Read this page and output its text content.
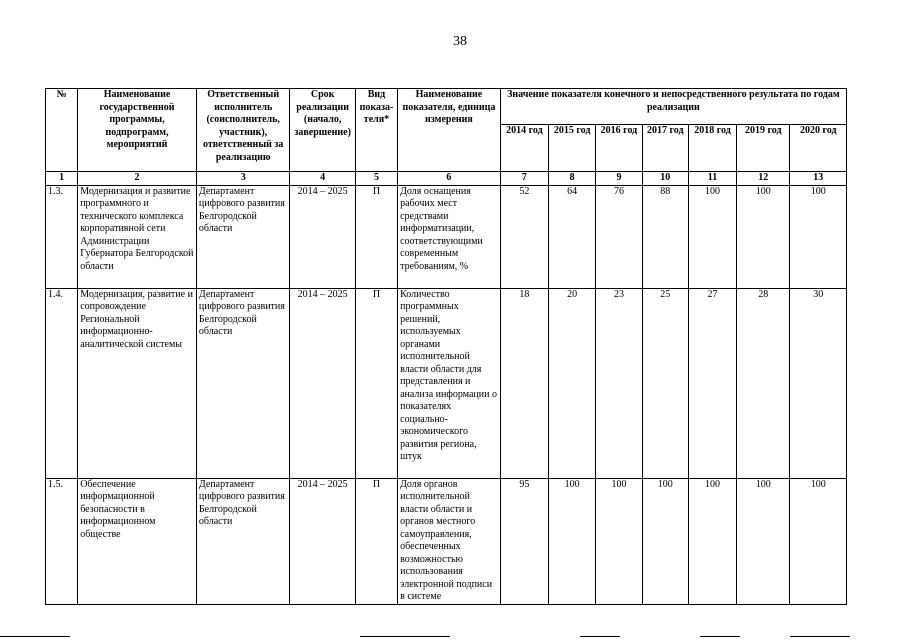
38
№	Наименование государственной программы, подпрограмм, мероприятий	Ответственный исполнитель (соисполнитель, участник), ответственный за реализацию	Срок реализации (начало, завершение)	Вид показа-теля*	Наименование показателя, единица измерения	Значение показателя конечного и непосредственного результата по годам реализации						
						2014 год	2015 год	2016 год	2017 год	2018 год	2019 год	2020 год
1	2	3	4	5	6	7	8	9	10	11	12	13
1.3.	Модернизация и развитие программного и технического комплекса корпоративной сети Администрации Губернатора Белгородской области	Департамент цифрового развития Белгородской области	2014 – 2025	П	Доля оснащения рабочих мест средствами информатизации, соответствующими современным требованиям, %	52	64	76	88	100	100	100
1.4.	Модернизация, развитие и сопровождение Региональной информационно-аналитической системы	Департамент цифрового развития Белгородской области	2014 – 2025	П	Количество программных решений, используемых органами исполнительной власти области для представления и анализа информации о показателях социально-экономического развития региона, штук	18	20	23	25	27	28	30
1.5.	Обеспечение информационной безопасности в информационном обществе	Департамент цифрового развития Белгородской области	2014 – 2025	П	Доля органов исполнительной власти области и органов местного самоуправления, обеспеченных возможностью использования электронной подписи в системе	95	100	100	100	100	100	100
